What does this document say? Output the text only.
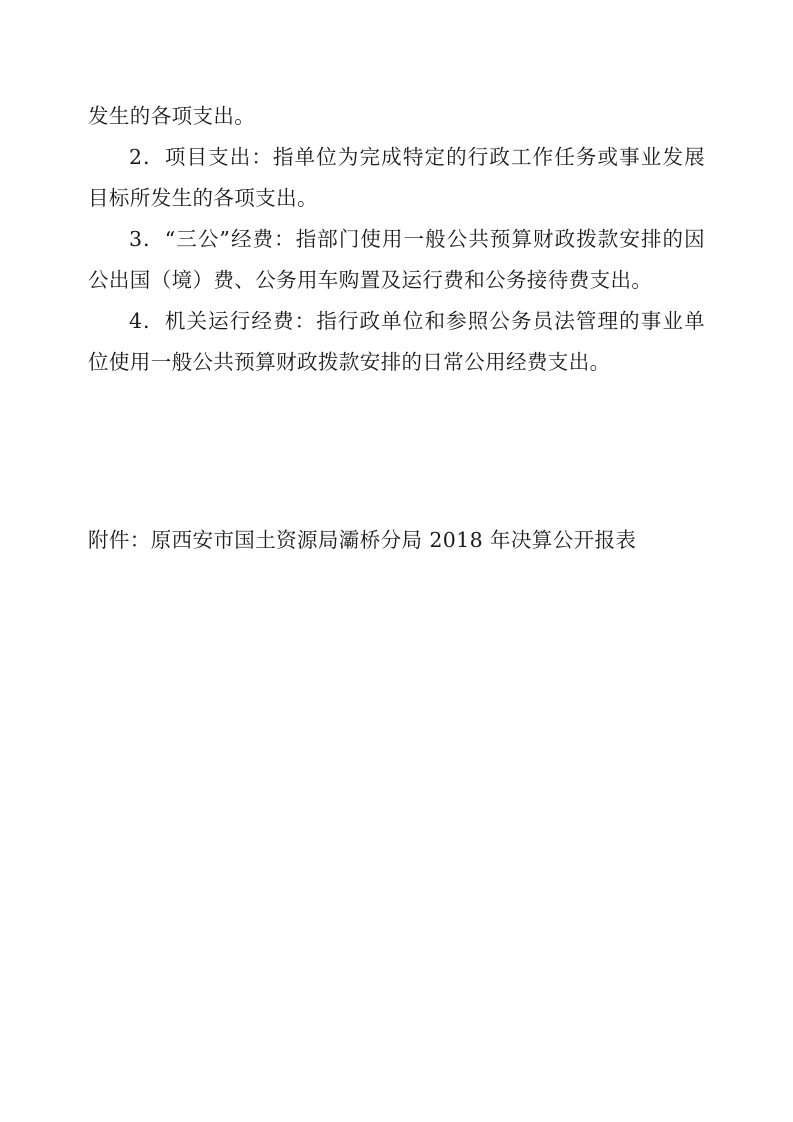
发生的各项支出。

2．项目支出：指单位为完成特定的行政工作任务或事业发展目标所发生的各项支出。

3．“三公”经费：指部门使用一般公共预算财政拨款安排的因公出国（境）费、公务用车购置及运行费和公务接待费支出。

4．机关运行经费：指行政单位和参照公务员法管理的事业单位使用一般公共预算财政拨款安排的日常公用经费支出。

附件：原西安市国土资源局灞桥分局 2018 年决算公开报表
